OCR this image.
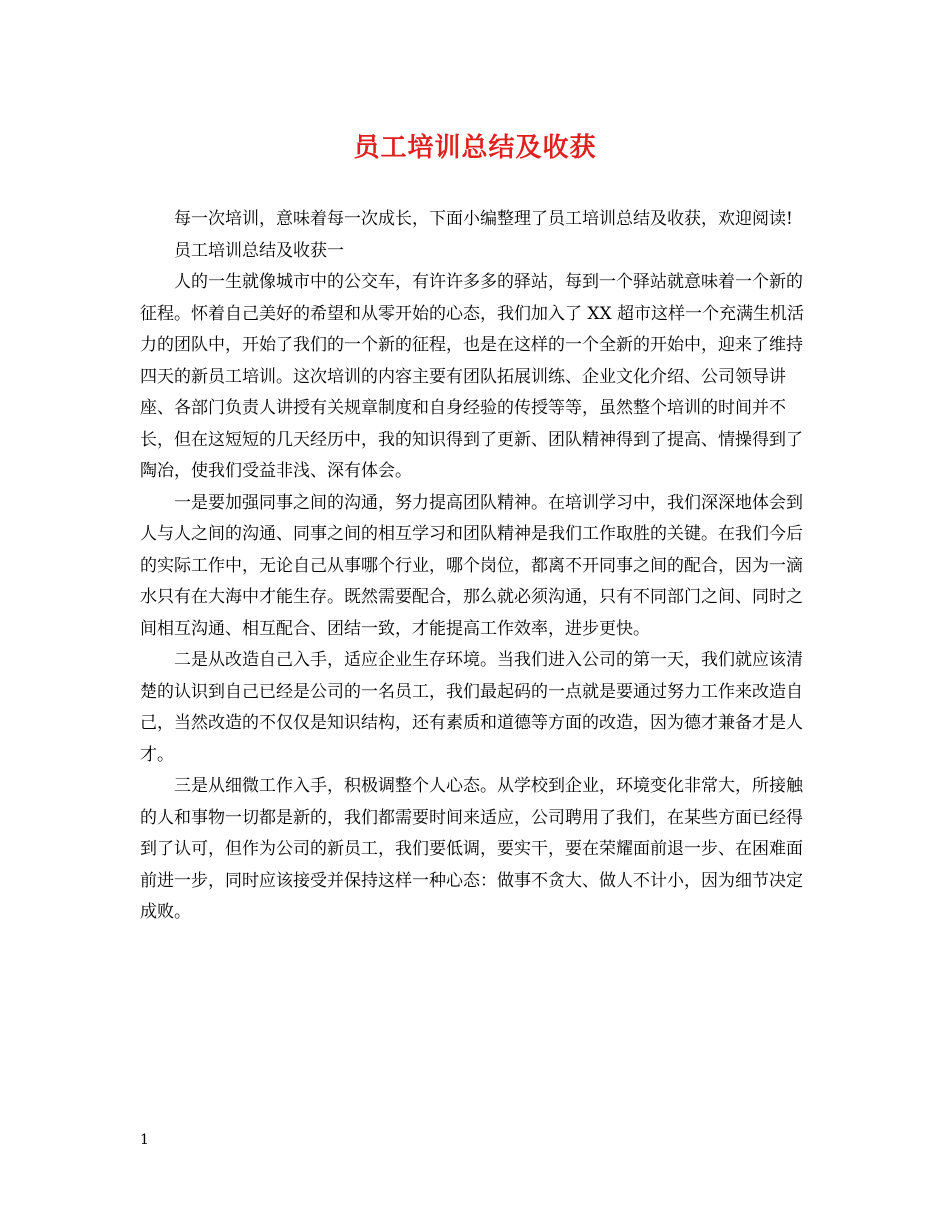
员工培训总结及收获

每一次培训，意味着每一次成长，下面小编整理了员工培训总结及收获，欢迎阅读!

员工培训总结及收获一

人的一生就像城市中的公交车，有许许多多的驿站，每到一个驿站就意味着一个新的征程。怀着自己美好的希望和从零开始的心态，我们加入了 XX 超市这样一个充满生机活力的团队中，开始了我们的一个新的征程，也是在这样的一个全新的开始中，迎来了维持四天的新员工培训。这次培训的内容主要有团队拓展训练、企业文化介绍、公司领导讲座、各部门负责人讲授有关规章制度和自身经验的传授等等，虽然整个培训的时间并不长，但在这短短的几天经历中，我的知识得到了更新、团队精神得到了提高、情操得到了陶冶，使我们受益非浅、深有体会。

一是要加强同事之间的沟通，努力提高团队精神。在培训学习中，我们深深地体会到人与人之间的沟通、同事之间的相互学习和团队精神是我们工作取胜的关键。在我们今后的实际工作中，无论自己从事哪个行业，哪个岗位，都离不开同事之间的配合，因为一滴水只有在大海中才能生存。既然需要配合，那么就必须沟通，只有不同部门之间、同时之间相互沟通、相互配合、团结一致，才能提高工作效率，进步更快。

二是从改造自己入手，适应企业生存环境。当我们进入公司的第一天，我们就应该清楚的认识到自己已经是公司的一名员工，我们最起码的一点就是要通过努力工作来改造自己，当然改造的不仅仅是知识结构，还有素质和道德等方面的改造，因为德才兼备才是人才。

三是从细微工作入手，积极调整个人心态。从学校到企业，环境变化非常大，所接触的人和事物一切都是新的，我们都需要时间来适应，公司聘用了我们，在某些方面已经得到了认可，但作为公司的新员工，我们要低调，要实干，要在荣耀面前退一步、在困难面前进一步，同时应该接受并保持这样一种心态：做事不贪大、做人不计小，因为细节决定成败。

1
